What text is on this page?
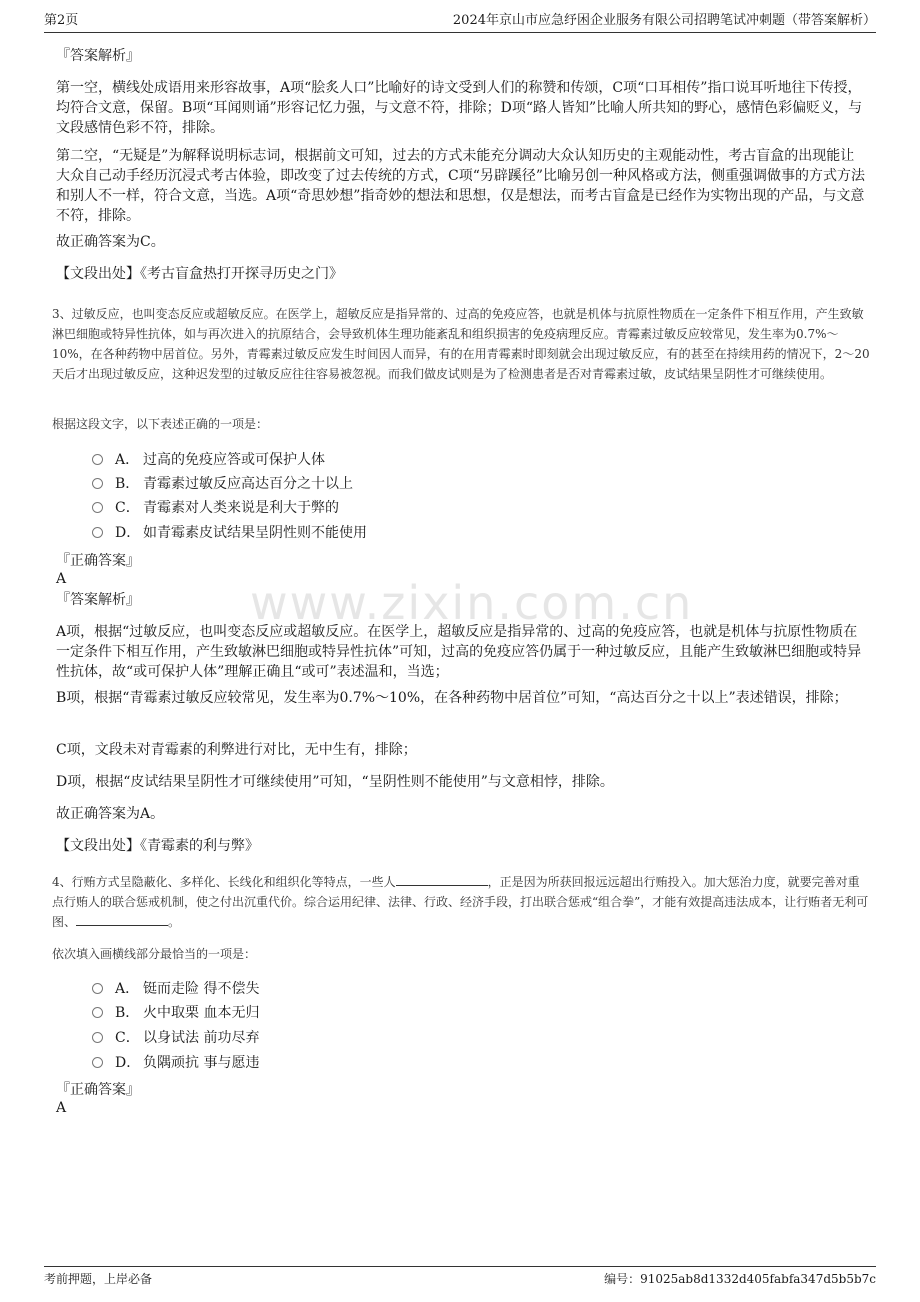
第2页	2024年京山市应急纾困企业服务有限公司招聘笔试冲刺题（带答案解析）
www.zixin.com.cn
『答案解析』
第一空，横线处成语用来形容故事，A项“脍炙人口”比喻好的诗文受到人们的称赞和传颂，C项“口耳相传”指口说耳听地往下传授，均符合文意，保留。B项“耳闻则诵”形容记忆力强，与文意不符，排除；D项“路人皆知”比喻人所共知的野心，感情色彩偏贬义，与文段感情色彩不符，排除。
第二空，“无疑是”为解释说明标志词，根据前文可知，过去的方式未能充分调动大众认知历史的主观能动性，考古盲盒的出现能让大众自己动手经历沉浸式考古体验，即改变了过去传统的方式，C项“另辟蹊径”比喻另创一种风格或方法，侧重强调做事的方式方法和别人不一样，符合文意，当选。A项“奇思妙想”指奇妙的想法和思想，仅是想法，而考古盲盒是已经作为实物出现的产品，与文意不符，排除。
故正确答案为C。
【文段出处】《考古盲盒热打开探寻历史之门》
3、过敏反应，也叫变态反应或超敏反应。在医学上，超敏反应是指异常的、过高的免疫应答，也就是机体与抗原性物质在一定条件下相互作用，产生致敏淋巴细胞或特异性抗体，如与再次进入的抗原结合，会导致机体生理功能紊乱和组织损害的免疫病理反应。青霉素过敏反应较常见，发生率为0.7%～10%，在各种药物中居首位。另外，青霉素过敏反应发生时间因人而异，有的在用青霉素时即刻就会出现过敏反应，有的甚至在持续用药的情况下，2～20天后才出现过敏反应，这种迟发型的过敏反应往往容易被忽视。而我们做皮试则是为了检测患者是否对青霉素过敏，皮试结果呈阴性才可继续使用。
根据这段文字，以下表述正确的一项是：
A． 过高的免疫应答或可保护人体
B． 青霉素过敏反应高达百分之十以上
C． 青霉素对人类来说是利大于弊的
D． 如青霉素皮试结果呈阴性则不能使用
『正确答案』
A
『答案解析』
A项，根据“过敏反应，也叫变态反应或超敏反应。在医学上，超敏反应是指异常的、过高的免疫应答，也就是机体与抗原性物质在一定条件下相互作用，产生致敏淋巴细胞或特异性抗体”可知，过高的免疫应答仍属于一种过敏反应，且能产生致敏淋巴细胞或特异性抗体，故“或可保护人体”理解正确且“或可”表述温和，当选；
B项，根据“青霉素过敏反应较常见，发生率为0.7%～10%，在各种药物中居首位”可知，“高达百分之十以上”表述错误，排除；
C项，文段未对青霉素的利弊进行对比，无中生有，排除；
D项，根据“皮试结果呈阴性才可继续使用”可知，“呈阴性则不能使用”与文意相悖，排除。
故正确答案为A。
【文段出处】《青霉素的利与弊》
4、行贿方式呈隐蔽化、多样化、长线化和组织化等特点，一些人	，正是因为所获回报远远超出行贿投入。加大惩治力度，就要完善对重点行贿人的联合惩戒机制，使之付出沉重代价。综合运用纪律、法律、行政、经济手段，打出联合惩戒“组合拳”，才能有效提高违法成本，让行贿者无利可图、	。
依次填入画横线部分最恰当的一项是：
A． 铤而走险 得不偿失
B． 火中取栗 血本无归
C． 以身试法 前功尽弃
D． 负隅顽抗 事与愿违
『正确答案』
A
考前押题，上岸必备	编号：91025ab8d1332d405fabfa347d5b5b7c
